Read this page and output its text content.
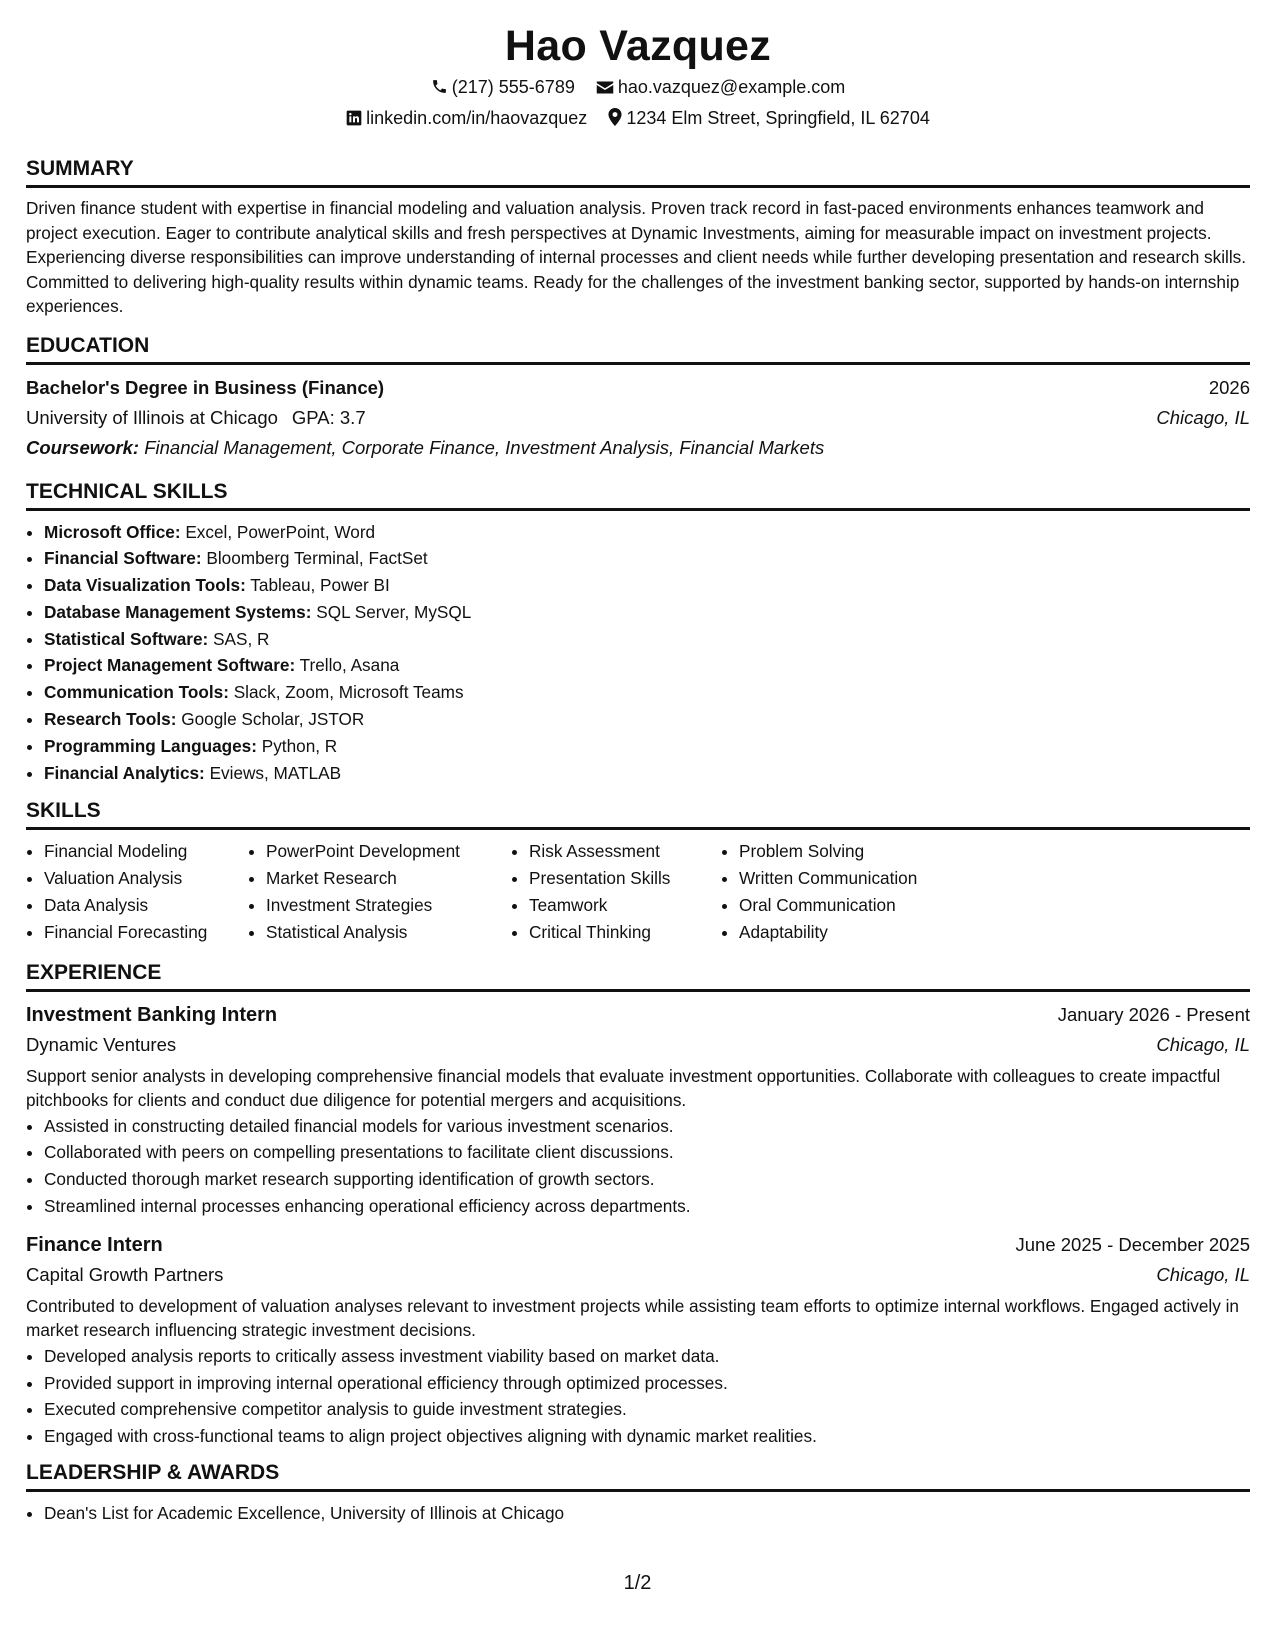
Hao Vazquez
(217) 555-6789 hao.vazquez@example.com
linkedin.com/in/haovazquez 1234 Elm Street, Springfield, IL 62704
SUMMARY

Driven finance student with expertise in financial modeling and valuation analysis. Proven track record in fast-paced environments enhances teamwork and project execution. Eager to contribute analytical skills and fresh perspectives at Dynamic Investments, aiming for measurable impact on investment projects. Experiencing diverse responsibilities can improve understanding of internal processes and client needs while further developing presentation and research skills. Committed to delivering high-quality results within dynamic teams. Ready for the challenges of the investment banking sector, supported by hands-on internship experiences.

EDUCATION
Bachelor's Degree in Business (Finance)	2026
University of Illinois at Chicago GPA: 3.7	Chicago, IL
Coursework: Financial Management, Corporate Finance, Investment Analysis, Financial Markets
TECHNICAL SKILLS
• Microsoft Office: Excel, PowerPoint, Word
• Financial Software: Bloomberg Terminal, FactSet
• Data Visualization Tools: Tableau, Power BI
• Database Management Systems: SQL Server, MySQL
• Statistical Software: SAS, R
• Project Management Software: Trello, Asana
• Communication Tools: Slack, Zoom, Microsoft Teams
• Research Tools: Google Scholar, JSTOR
• Programming Languages: Python, R
• Financial Analytics: Eviews, MATLAB
SKILLS
• Financial Modeling
• Valuation Analysis
• Data Analysis
• Financial Forecasting
• PowerPoint Development
• Market Research
• Investment Strategies
• Statistical Analysis
• Risk Assessment
• Presentation Skills
• Teamwork
• Critical Thinking
• Problem Solving
• Written Communication
• Oral Communication
• Adaptability
EXPERIENCE
Investment Banking Intern	January 2026 - Present
Dynamic Ventures	Chicago, IL

Support senior analysts in developing comprehensive financial models that evaluate investment opportunities. Collaborate with colleagues to create impactful pitchbooks for clients and conduct due diligence for potential mergers and acquisitions.

• Assisted in constructing detailed financial models for various investment scenarios.
• Collaborated with peers on compelling presentations to facilitate client discussions.
• Conducted thorough market research supporting identification of growth sectors.
• Streamlined internal processes enhancing operational efficiency across departments.
Finance Intern	June 2025 - December 2025
Capital Growth Partners	Chicago, IL

Contributed to development of valuation analyses relevant to investment projects while assisting team efforts to optimize internal workflows. Engaged actively in market research influencing strategic investment decisions.

• Developed analysis reports to critically assess investment viability based on market data.
• Provided support in improving internal operational efficiency through optimized processes.
• Executed comprehensive competitor analysis to guide investment strategies.
• Engaged with cross-functional teams to align project objectives aligning with dynamic market realities.
LEADERSHIP & AWARDS
• Dean's List for Academic Excellence, University of Illinois at Chicago
1/2
